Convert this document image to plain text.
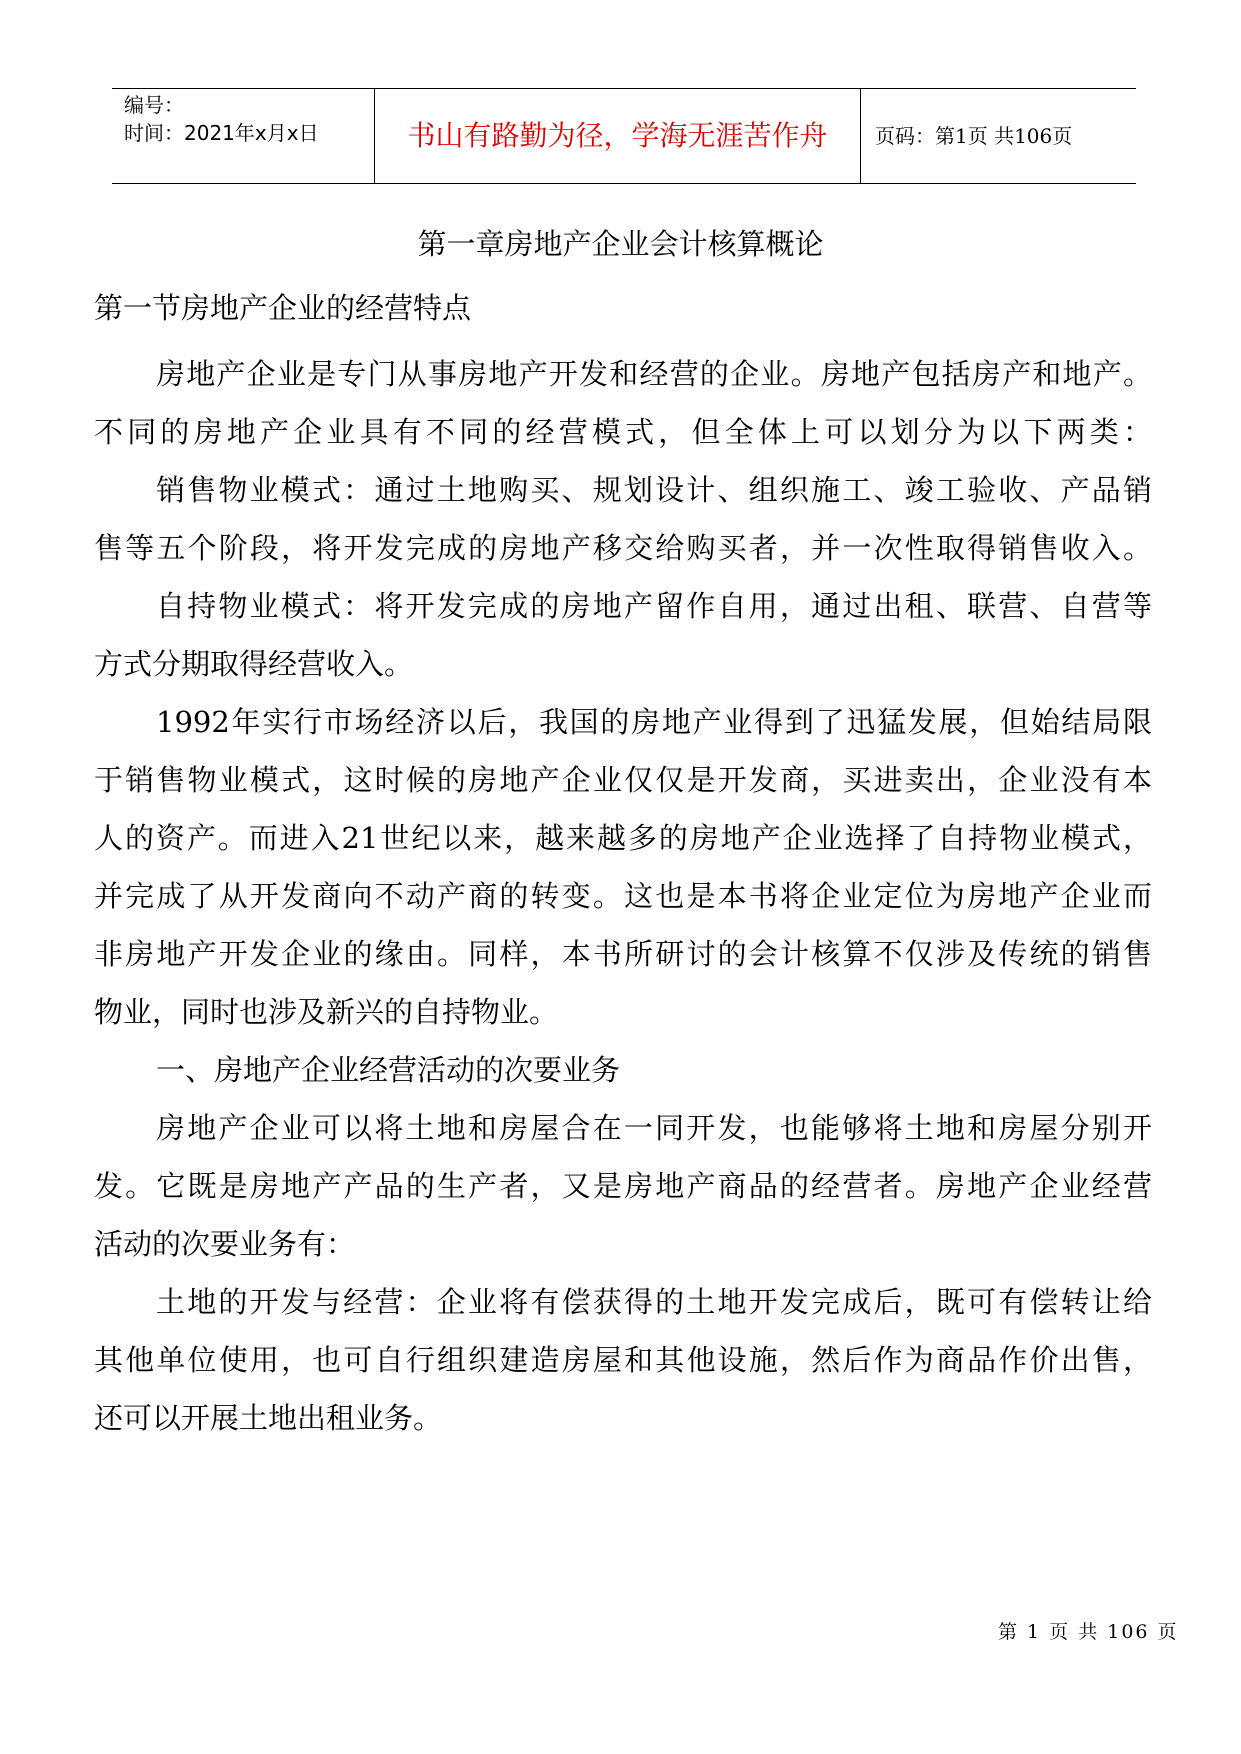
编号：
时间：2021年x月x日	书山有路勤为径，学海无涯苦作舟	页码：第1页 共106页
第一章房地产企业会计核算概论
第一节房地产企业的经营特点
房地产企业是专门从事房地产开发和经营的企业。房地产包括房产和地产。
不同的房地产企业具有不同的经营模式，但全体上可以划分为以下两类：
销售物业模式：通过土地购买、规划设计、组织施工、竣工验收、产品销
售等五个阶段，将开发完成的房地产移交给购买者，并一次性取得销售收入。
自持物业模式：将开发完成的房地产留作自用，通过出租、联营、自营等
方式分期取得经营收入。
1992年实行市场经济以后，我国的房地产业得到了迅猛发展，但始结局限
于销售物业模式，这时候的房地产企业仅仅是开发商，买进卖出，企业没有本
人的资产。而进入21世纪以来，越来越多的房地产企业选择了自持物业模式，
并完成了从开发商向不动产商的转变。这也是本书将企业定位为房地产企业而
非房地产开发企业的缘由。同样，本书所研讨的会计核算不仅涉及传统的销售
物业，同时也涉及新兴的自持物业。
一、房地产企业经营活动的次要业务
房地产企业可以将土地和房屋合在一同开发，也能够将土地和房屋分别开
发。它既是房地产产品的生产者，又是房地产商品的经营者。房地产企业经营
活动的次要业务有：
土地的开发与经营：企业将有偿获得的土地开发完成后，既可有偿转让给
其他单位使用，也可自行组织建造房屋和其他设施，然后作为商品作价出售，
还可以开展土地出租业务。
第 1 页 共 106 页
